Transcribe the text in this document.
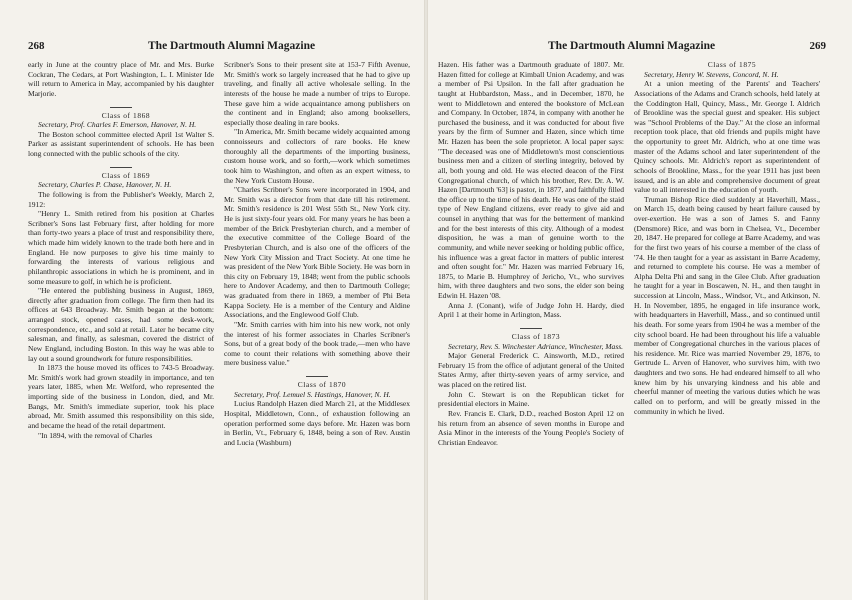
268	The Dartmouth Alumni Magazine

early in June at the country place of Mr. and Mrs. Burke Cockran, The Cedars, at Port Washington, L. I. Minister Ide will return to America in May, accompanied by his daughter Marjorie.

Class of 1868

Secretary, Prof. Charles F. Emerson, Hanover, N. H.

The Boston school committee elected April 1st Walter S. Parker as assistant superintendent of schools. He has been long connected with the public schools of the city.

Class of 1869

Secretary, Charles P. Chase, Hanover, N. H.

The following is from the Publisher's Weekly, March 2, 1912:

"Henry L. Smith retired from his position at Charles Scribner's Sons last February first, after holding for more than forty-two years a place of trust and responsibility there, which made him widely known to the trade both here and in England. He now purposes to give his time mainly to forwarding the interests of various religious and philanthropic associations in which he is prominent, and in some measure to golf, in which he is proficient.

"He entered the publishing business in August, 1869, directly after graduation from college. The firm then had its offices at 643 Broadway. Mr. Smith began at the bottom: arranged stock, opened cases, had some desk-work, correspondence, etc., and sold at retail. Later he became city salesman, and finally, as salesman, covered the district of New England, including Boston. In this way he was able to lay out a sound groundwork for future responsibilities.

In 1873 the house moved its offices to 743-5 Broadway. Mr. Smith's work had grown steadily in importance, and ten years later, 1885, when Mr. Welford, who represented the importing side of the business in London, died, and Mr. Bangs, Mr. Smith's immediate superior, took his place abroad, Mr. Smith assumed this responsibility on this side, and became the head of the retail department.

"In 1894, with the removal of Charles

Scribner's Sons to their present site at 153-7 Fifth Avenue, Mr. Smith's work so largely increased that he had to give up traveling, and finally all active wholesale selling. In the interests of the house he made a number of trips to Europe. These gave him a wide acquaintance among publishers on the continent and in England; also among booksellers, especially those dealing in rare books.

"In America, Mr. Smith became widely acquainted among connoisseurs and collectors of rare books. He knew thoroughly all the departments of the importing business, custom house work, and so forth,—work which sometimes took him to Washington, and often as an expert witness, to the New York Custom House.

"Charles Scribner's Sons were incorporated in 1904, and Mr. Smith was a director from that date till his retirement. Mr. Smith's residence is 201 West 55th St., New York city. He is just sixty-four years old. For many years he has been a member of the Brick Presbyterian church, and a member of the executive committee of the College Board of the Presbyterian Church, and is also one of the officers of the New York City Mission and Tract Society. At one time he was president of the New York Bible Society. He was born in this city on February 19, 1848; went from the public schools here to Andover Academy, and then to Dartmouth College; was graduated from there in 1869, a member of Phi Beta Kappa Society. He is a member of the Century and Aldine Associations, and the Englewood Golf Club.

"Mr. Smith carries with him into his new work, not only the interest of his former associates in Charles Scribner's Sons, but of a great body of the book trade,—men who have come to count their relations with something above their mere business value."

Class of 1870

Secretary, Prof. Lemuel S. Hastings, Hanover, N. H.

Lucius Randolph Hazen died March 21, at the Middlesex Hospital, Middletown, Conn., of exhaustion following an operation performed some days before. Mr. Hazen was born in Berlin, Vt., February 6, 1848, being a son of Rev. Austin and Lucia (Washburn)

The Dartmouth Alumni Magazine	269

Hazen. His father was a Dartmouth graduate of 1807. Mr. Hazen fitted for college at Kimball Union Academy, and was a member of Psi Upsilon. In the fall after graduation he taught at Hubbardston, Mass., and in December, 1870, he went to Middletown and entered the bookstore of McLean and Company. In October, 1874, in company with another he purchased the business, and it was conducted for about five years by the firm of Sumner and Hazen, since which time Mr. Hazen has been the sole proprietor. A local paper says: "The deceased was one of Middletown's most conscientious business men and a citizen of sterling integrity, beloved by all, both young and old. He was elected deacon of the First Congregational church, of which his brother, Rev. Dr. A. W. Hazen [Dartmouth '63] is pastor, in 1877, and faithfully filled the office up to the time of his death. He was one of the staid type of New England citizens, ever ready to give aid and counsel in anything that was for the betterment of mankind and for the best interests of this city. Although of a modest disposition, he was a man of genuine worth to the community, and while never seeking or holding public office, his influence was a great factor in matters of public interest and often sought for." Mr. Hazen was married February 16, 1875, to Marie B. Humphrey of Jericho, Vt., who survives him, with three daughters and two sons, the elder son being Edwin H. Hazen '08.

Anna J. (Conant), wife of Judge John H. Hardy, died April 1 at their home in Arlington, Mass.

Class of 1873

Secretary, Rev. S. Winchester Adriance, Winchester, Mass.

Major General Frederick C. Ainsworth, M.D., retired February 15 from the office of adjutant general of the United States Army, after thirty-seven years of army service, and was placed on the retired list.

John C. Stewart is on the Republican ticket for presidential electors in Maine.

Rev. Francis E. Clark, D.D., reached Boston April 12 on his return from an absence of seven months in Europe and Asia Minor in the interests of the Young People's Society of Christian Endeavor.

Class of 1875

Secretary, Henry W. Stevens, Concord, N. H.

At a union meeting of the Parents' and Teachers' Associations of the Adams and Cranch schools, held lately at the Coddington Hall, Quincy, Mass., Mr. George I. Aldrich of Brookline was the special guest and speaker. His subject was "School Problems of the Day." At the close an informal reception took place, that old friends and pupils might have the opportunity to greet Mr. Aldrich, who at one time was master of the Adams school and later superintendent of the Quincy schools. Mr. Aldrich's report as superintendent of schools of Brookline, Mass., for the year 1911 has just been issued, and is an able and comprehensive document of great value to all interested in the education of youth.

Truman Bishop Rice died suddenly at Haverhill, Mass., on March 15, death being caused by heart failure caused by over-exertion. He was a son of James S. and Fanny (Densmore) Rice, and was born in Chelsea, Vt., December 20, 1847. He prepared for college at Barre Academy, and was for the first two years of his course a member of the class of '74. He then taught for a year as assistant in Barre Academy, and returned to complete his course. He was a member of Alpha Delta Phi and sang in the Glee Club. After graduation he taught for a year in Boscawen, N. H., and then taught in succession at Lincoln, Mass., Windsor, Vt., and Atkinson, N. H. In November, 1895, he engaged in life insurance work, with headquarters in Haverhill, Mass., and so continued until his death. For some years from 1904 he was a member of the city school board. He had been throughout his life a valuable member of Congregational churches in the various places of his residence. Mr. Rice was married November 29, 1876, to Gertrude L. Arven of Hanover, who survives him, with two daughters and two sons. He had endeared himself to all who knew him by his unvarying kindness and his able and cheerful manner of meeting the various duties which he was called on to perform, and will be greatly missed in the community in which he lived.
